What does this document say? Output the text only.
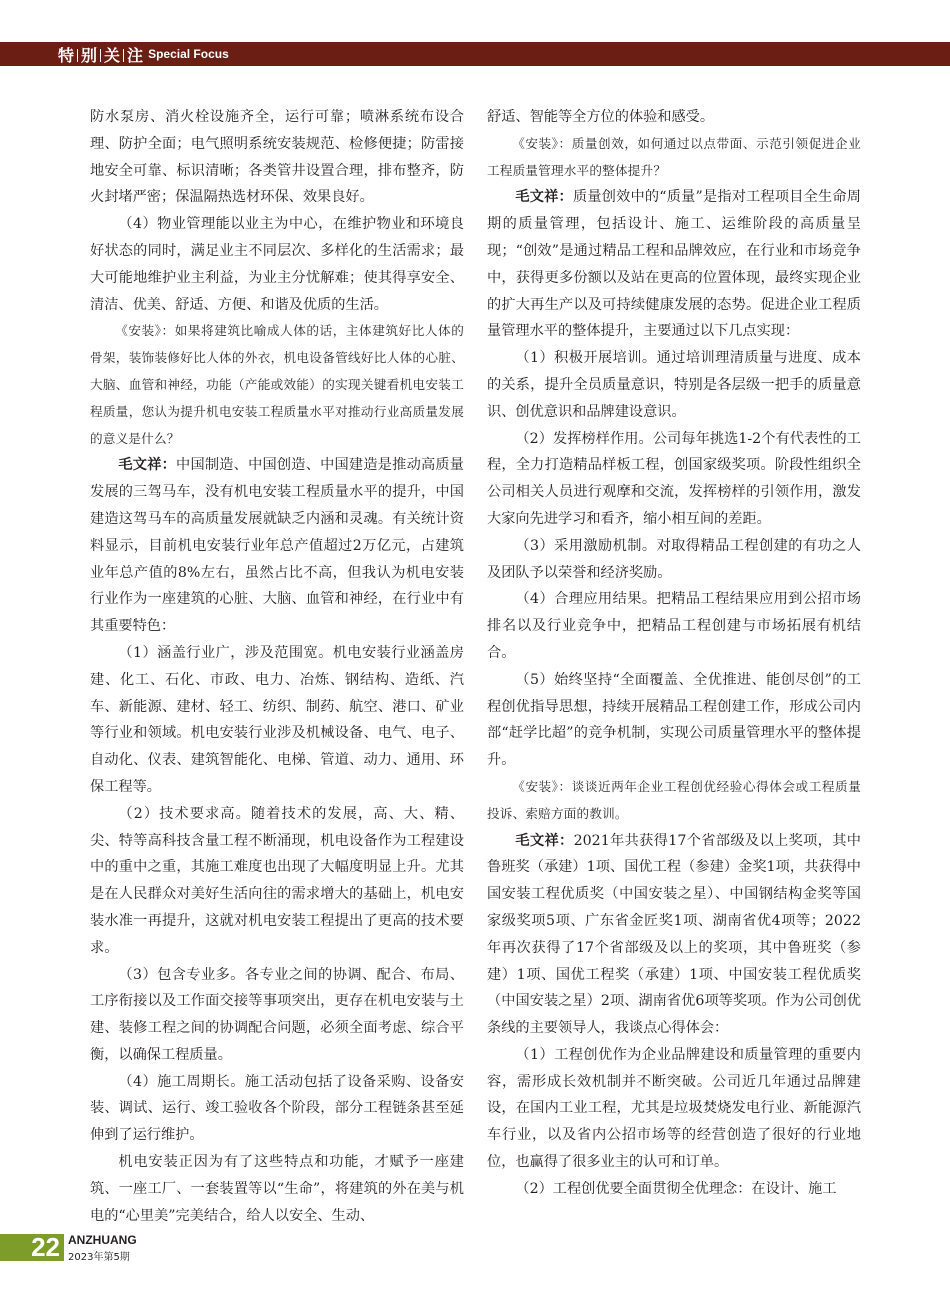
特 别 关 注 Special Focus

防水泵房、消火栓设施齐全，运行可靠；喷淋系统布设合理、防护全面；电气照明系统安装规范、检修便捷；防雷接地安全可靠、标识清晰；各类管井设置合理，排布整齐，防火封堵严密；保温隔热选材环保、效果良好。

（4）物业管理能以业主为中心，在维护物业和环境良好状态的同时，满足业主不同层次、多样化的生活需求；最大可能地维护业主利益，为业主分忧解难；使其得享安全、清洁、优美、舒适、方便、和谐及优质的生活。

《安装》：如果将建筑比喻成人体的话，主体建筑好比人体的骨架，装饰装修好比人体的外衣，机电设备管线好比人体的心脏、大脑、血管和神经，功能（产能或效能）的实现关键看机电安装工程质量，您认为提升机电安装工程质量水平对推动行业高质量发展的意义是什么？

毛文祥：中国制造、中国创造、中国建造是推动高质量发展的三驾马车，没有机电安装工程质量水平的提升，中国建造这驾马车的高质量发展就缺乏内涵和灵魂。有关统计资料显示，目前机电安装行业年总产值超过2万亿元，占建筑业年总产值的8%左右，虽然占比不高，但我认为机电安装行业作为一座建筑的心脏、大脑、血管和神经，在行业中有其重要特色：

（1）涵盖行业广，涉及范围宽。机电安装行业涵盖房建、化工、石化、市政、电力、冶炼、钢结构、造纸、汽车、新能源、建材、轻工、纺织、制药、航空、港口、矿业等行业和领域。机电安装行业涉及机械设备、电气、电子、自动化、仪表、建筑智能化、电梯、管道、动力、通用、环保工程等。

（2）技术要求高。随着技术的发展，高、大、精、尖、特等高科技含量工程不断涌现，机电设备作为工程建设中的重中之重，其施工难度也出现了大幅度明显上升。尤其是在人民群众对美好生活向往的需求增大的基础上，机电安装水准一再提升，这就对机电安装工程提出了更高的技术要求。

（3）包含专业多。各专业之间的协调、配合、布局、工序衔接以及工作面交接等事项突出，更存在机电安装与土建、装修工程之间的协调配合问题，必须全面考虑、综合平衡，以确保工程质量。

（4）施工周期长。施工活动包括了设备采购、设备安装、调试、运行、竣工验收各个阶段，部分工程链条甚至延伸到了运行维护。

机电安装正因为有了这些特点和功能，才赋予一座建筑、一座工厂、一套装置等以“生命”，将建筑的外在美与机电的“心里美”完美结合，给人以安全、生动、

舒适、智能等全方位的体验和感受。

《安装》：质量创效，如何通过以点带面、示范引领促进企业工程质量管理水平的整体提升？

毛文祥：质量创效中的“质量”是指对工程项目全生命周期的质量管理，包括设计、施工、运维阶段的高质量呈现；“创效”是通过精品工程和品牌效应，在行业和市场竞争中，获得更多份额以及站在更高的位置体现，最终实现企业的扩大再生产以及可持续健康发展的态势。促进企业工程质量管理水平的整体提升，主要通过以下几点实现：

（1）积极开展培训。通过培训理清质量与进度、成本的关系，提升全员质量意识，特别是各层级一把手的质量意识、创优意识和品牌建设意识。

（2）发挥榜样作用。公司每年挑选1-2个有代表性的工程，全力打造精品样板工程，创国家级奖项。阶段性组织全公司相关人员进行观摩和交流，发挥榜样的引领作用，激发大家向先进学习和看齐，缩小相互间的差距。

（3）采用激励机制。对取得精品工程创建的有功之人及团队予以荣誉和经济奖励。

（4）合理应用结果。把精品工程结果应用到公招市场排名以及行业竞争中，把精品工程创建与市场拓展有机结合。

（5）始终坚持“全面覆盖、全优推进、能创尽创”的工程创优指导思想，持续开展精品工程创建工作，形成公司内部“赶学比超”的竞争机制，实现公司质量管理水平的整体提升。

《安装》：谈谈近两年企业工程创优经验心得体会或工程质量投诉、索赔方面的教训。

毛文祥：2021年共获得17个省部级及以上奖项，其中鲁班奖（承建）1项、国优工程（参建）金奖1项，共获得中国安装工程优质奖（中国安装之星）、中国钢结构金奖等国家级奖项5项、广东省金匠奖1项、湖南省优4项等；2022年再次获得了17个省部级及以上的奖项，其中鲁班奖（参建）1项、国优工程奖（承建）1项、中国安装工程优质奖（中国安装之星）2项、湖南省优6项等奖项。作为公司创优条线的主要领导人，我谈点心得体会：

（1）工程创优作为企业品牌建设和质量管理的重要内容，需形成长效机制并不断突破。公司近几年通过品牌建设，在国内工业工程，尤其是垃圾焚烧发电行业、新能源汽车行业，以及省内公招市场等的经营创造了很好的行业地位，也赢得了很多业主的认可和订单。

（2）工程创优要全面贯彻全优理念：在设计、施工

22 ANZHUANG
2023年第5期
